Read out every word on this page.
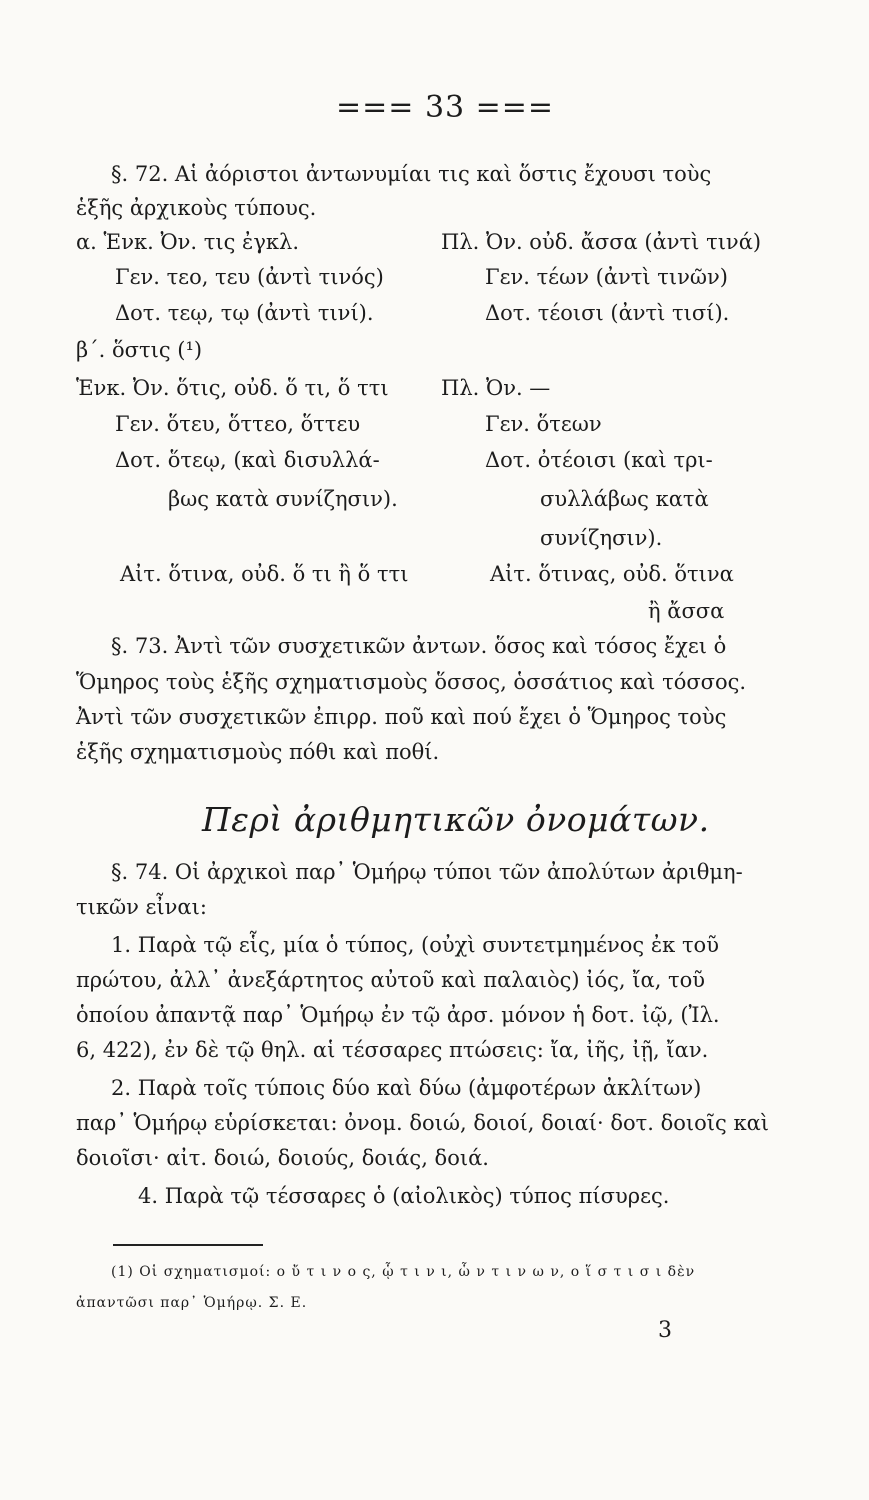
=== 33 ===
§. 72. Αἱ ἀόριστοι ἀντωνυμίαι τις καὶ ὅστις ἔχουσι τοὺς
ἑξῆς ἀρχικοὺς τύπους.
α. Ἑνκ. Ὀν. τις ἐγκλ.	Πλ. Ὀν. οὐδ. ἄσσα (ἀντὶ τινά)
Γεν. τεο, τευ (ἀντὶ τινός)	Γεν. τέων (ἀντὶ τινῶν)
Δοτ. τεῳ, τῳ (ἀντὶ τινί).	Δοτ. τέοισι (ἀντὶ τισί).
β΄. ὅστις (¹)
Ἑνκ. Ὀν. ὅτις, οὐδ. ὅ τι, ὅ ττι Πλ. Ὀν. —
Γεν. ὅτευ, ὅττεο, ὅττευ	Γεν. ὅτεων
Δοτ. ὅτεῳ, (καὶ δισυλλά-	Δοτ. ὀτέοισι (καὶ τρι-
βως κατὰ συνίζησιν).	συλλάβως κατὰ
συνίζησιν).
Αἰτ. ὅτινα, οὐδ. ὅ τι ἢ ὅ ττι	Αἰτ. ὅτινας, οὐδ. ὅτινα
ἢ ἄσσα
§. 73. Ἀντὶ τῶν συσχετικῶν ἀντων. ὅσος καὶ τόσος ἔχει ὁ
Ὅμηρος τοὺς ἑξῆς σχηματισμοὺς ὅσσος, ὁσσάτιος καὶ τόσσος.
Ἀντὶ τῶν συσχετικῶν ἐπιρρ. ποῦ καὶ πού ἔχει ὁ Ὅμηρος τοὺς
ἑξῆς σχηματισμοὺς πόθι καὶ ποθί.
Περὶ ἀριθμητικῶν ὀνομάτων.
§. 74. Οἱ ἀρχικοὶ παρ᾽ Ὁμήρῳ τύποι τῶν ἀπολύτων ἀριθμη-
τικῶν εἶναι:
1. Παρὰ τῷ εἷς, μία ὁ τύπος, (οὐχὶ συντετμημένος ἐκ τοῦ
πρώτου, ἀλλ᾽ ἀνεξάρτητος αὐτοῦ καὶ παλαιὸς) ἰός, ἴα, τοῦ
ὁποίου ἀπαντᾷ παρ᾽ Ὁμήρῳ ἐν τῷ ἀρσ. μόνον ἡ δοτ. ἰῷ, (Ἰλ.
6, 422), ἐν δὲ τῷ θηλ. αἱ τέσσαρες πτώσεις: ἴα, ἰῆς, ἰῇ, ἴαν.
2. Παρὰ τοῖς τύποις δύο καὶ δύω (ἀμφοτέρων ἀκλίτων)
παρ᾽ Ὁμήρῳ εὑρίσκεται: ὀνομ. δοιώ, δοιοί, δοιαί· δοτ. δοιοῖς καὶ
δοιοῖσι· αἰτ. δοιώ, δοιούς, δοιάς, δοιά.
4. Παρὰ τῷ τέσσαρες ὁ (αἰολικὸς) τύπος πίσυρες.
(1) Οἱ σχηματισμοί: ο ὔ τ ι ν ο ς, ᾧ τ ι ν ι, ὧ ν τ ι ν ω ν, ο ἵ σ τ ι σ ι δὲν
ἀπαντῶσι παρ᾽ Ὁμήρῳ. Σ. Ε.
3
